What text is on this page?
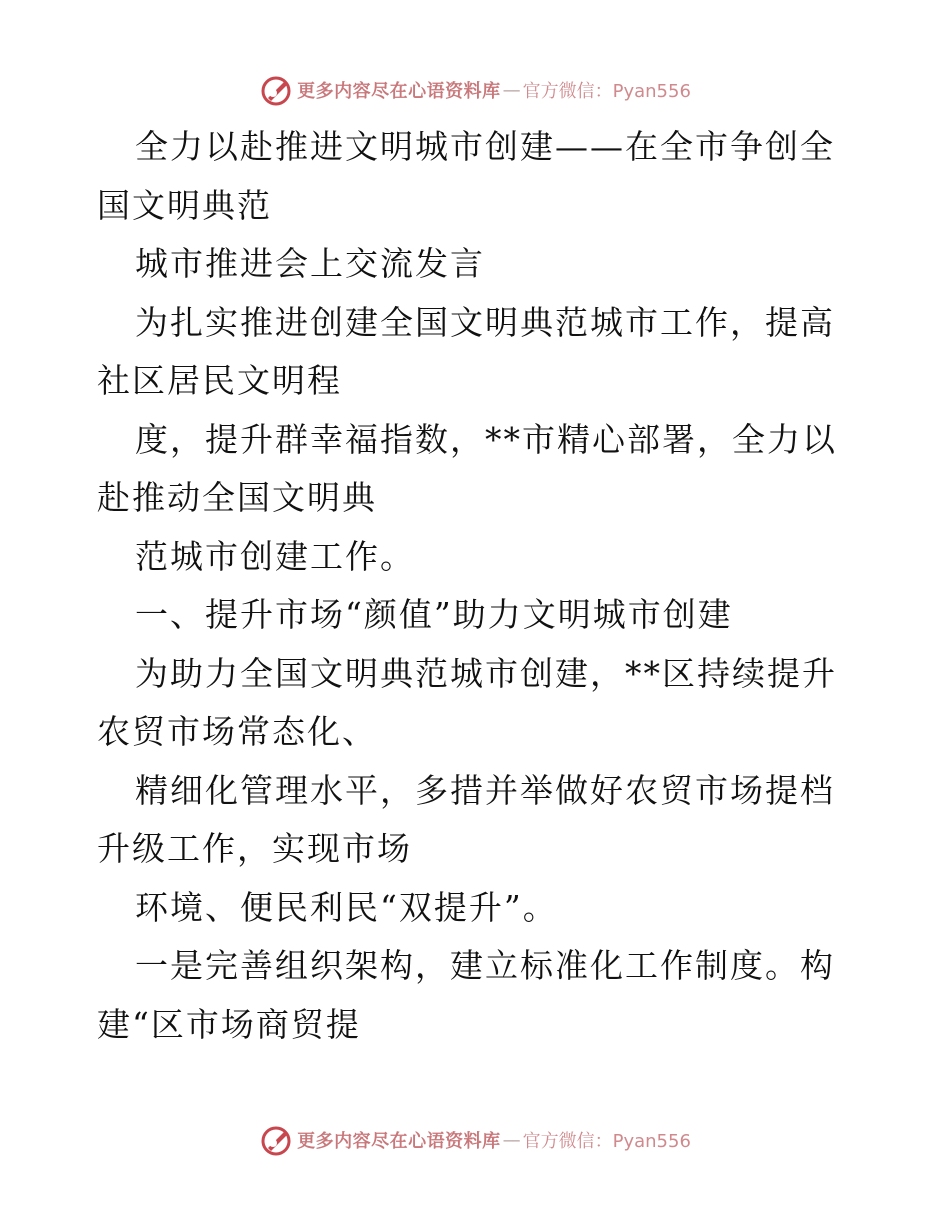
更多内容尽在心语资料库 — 官方微信：Pyan556

全力以赴推进文明城市创建——在全市争创全国文明典范

城市推进会上交流发言

为扎实推进创建全国文明典范城市工作，提高社区居民文明程

度，提升群幸福指数，**市精心部署，全力以赴推动全国文明典

范城市创建工作。

一、提升市场“颜值”助力文明城市创建

为助力全国文明典范城市创建，**区持续提升农贸市场常态化、

精细化管理水平，多措并举做好农贸市场提档升级工作，实现市场

环境、便民利民“双提升”。

一是完善组织架构，建立标准化工作制度。构建“区市场商贸提

更多内容尽在心语资料库 — 官方微信：Pyan556
